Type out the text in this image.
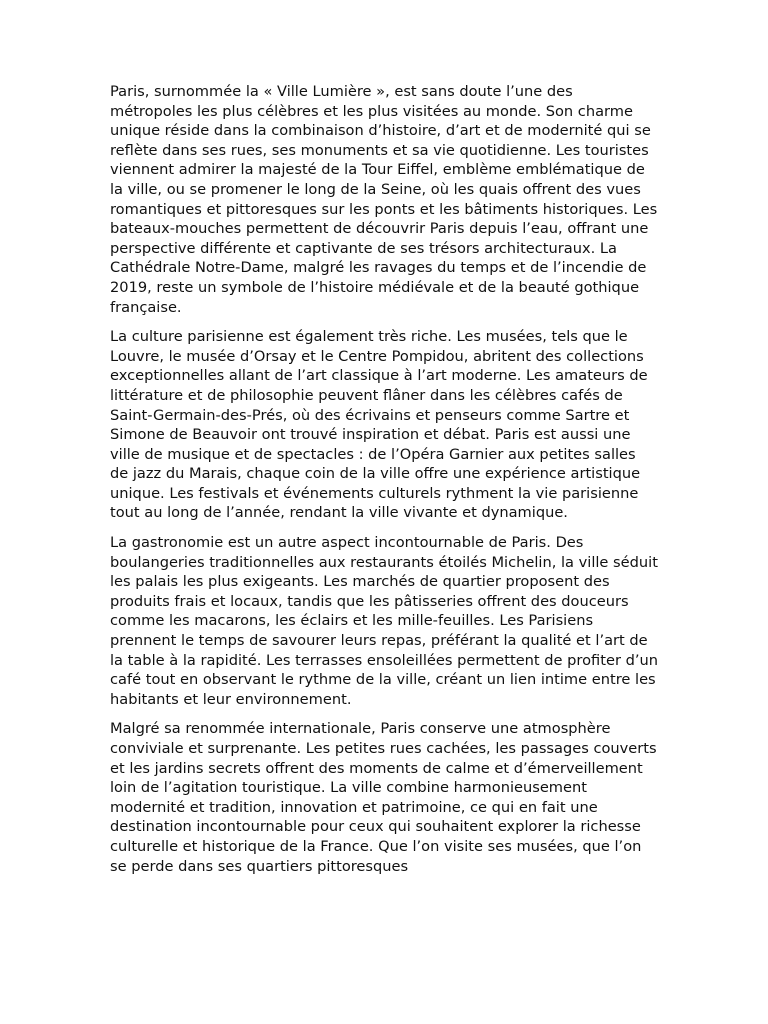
Paris, surnommée la « Ville Lumière », est sans doute l’une des métropoles les plus célèbres et les plus visitées au monde. Son charme unique réside dans la combinaison d’histoire, d’art et de modernité qui se reflète dans ses rues, ses monuments et sa vie quotidienne. Les touristes viennent admirer la majesté de la Tour Eiffel, emblème emblématique de la ville, ou se promener le long de la Seine, où les quais offrent des vues romantiques et pittoresques sur les ponts et les bâtiments historiques. Les bateaux-mouches permettent de découvrir Paris depuis l’eau, offrant une perspective différente et captivante de ses trésors architecturaux. La Cathédrale Notre-Dame, malgré les ravages du temps et de l’incendie de 2019, reste un symbole de l’histoire médiévale et de la beauté gothique française.

La culture parisienne est également très riche. Les musées, tels que le Louvre, le musée d’Orsay et le Centre Pompidou, abritent des collections exceptionnelles allant de l’art classique à l’art moderne. Les amateurs de littérature et de philosophie peuvent flâner dans les célèbres cafés de Saint-Germain-des-Prés, où des écrivains et penseurs comme Sartre et Simone de Beauvoir ont trouvé inspiration et débat. Paris est aussi une ville de musique et de spectacles : de l’Opéra Garnier aux petites salles de jazz du Marais, chaque coin de la ville offre une expérience artistique unique. Les festivals et événements culturels rythment la vie parisienne tout au long de l’année, rendant la ville vivante et dynamique.

La gastronomie est un autre aspect incontournable de Paris. Des boulangeries traditionnelles aux restaurants étoilés Michelin, la ville séduit les palais les plus exigeants. Les marchés de quartier proposent des produits frais et locaux, tandis que les pâtisseries offrent des douceurs comme les macarons, les éclairs et les mille-feuilles. Les Parisiens prennent le temps de savourer leurs repas, préférant la qualité et l’art de la table à la rapidité. Les terrasses ensoleillées permettent de profiter d’un café tout en observant le rythme de la ville, créant un lien intime entre les habitants et leur environnement.

Malgré sa renommée internationale, Paris conserve une atmosphère conviviale et surprenante. Les petites rues cachées, les passages couverts et les jardins secrets offrent des moments de calme et d’émerveillement loin de l’agitation touristique. La ville combine harmonieusement modernité et tradition, innovation et patrimoine, ce qui en fait une destination incontournable pour ceux qui souhaitent explorer la richesse culturelle et historique de la France. Que l’on visite ses musées, que l’on se perde dans ses quartiers pittoresques
